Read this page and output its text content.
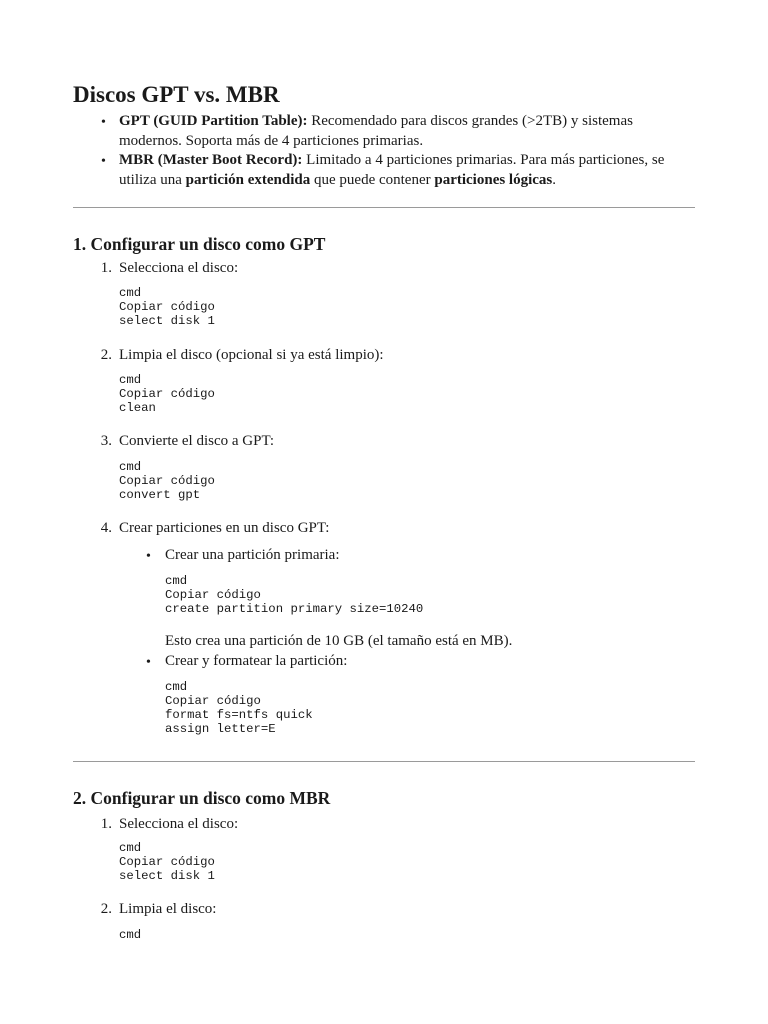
Discos GPT vs. MBR
• GPT (GUID Partition Table): Recomendado para discos grandes (>2TB) y sistemas
modernos. Soporta más de 4 particiones primarias.
• MBR (Master Boot Record): Limitado a 4 particiones primarias. Para más particiones, se
utiliza una partición extendida que puede contener particiones lógicas.
1. Configurar un disco como GPT
1. Selecciona el disco:
cmd
Copiar código
select disk 1
2. Limpia el disco (opcional si ya está limpio):
cmd
Copiar código
clean
3. Convierte el disco a GPT:
cmd
Copiar código
convert gpt
4. Crear particiones en un disco GPT:
• Crear una partición primaria:
cmd
Copiar código
create partition primary size=10240
Esto crea una partición de 10 GB (el tamaño está en MB).
• Crear y formatear la partición:
cmd
Copiar código
format fs=ntfs quick
assign letter=E
2. Configurar un disco como MBR
1. Selecciona el disco:
cmd
Copiar código
select disk 1
2. Limpia el disco:
cmd
